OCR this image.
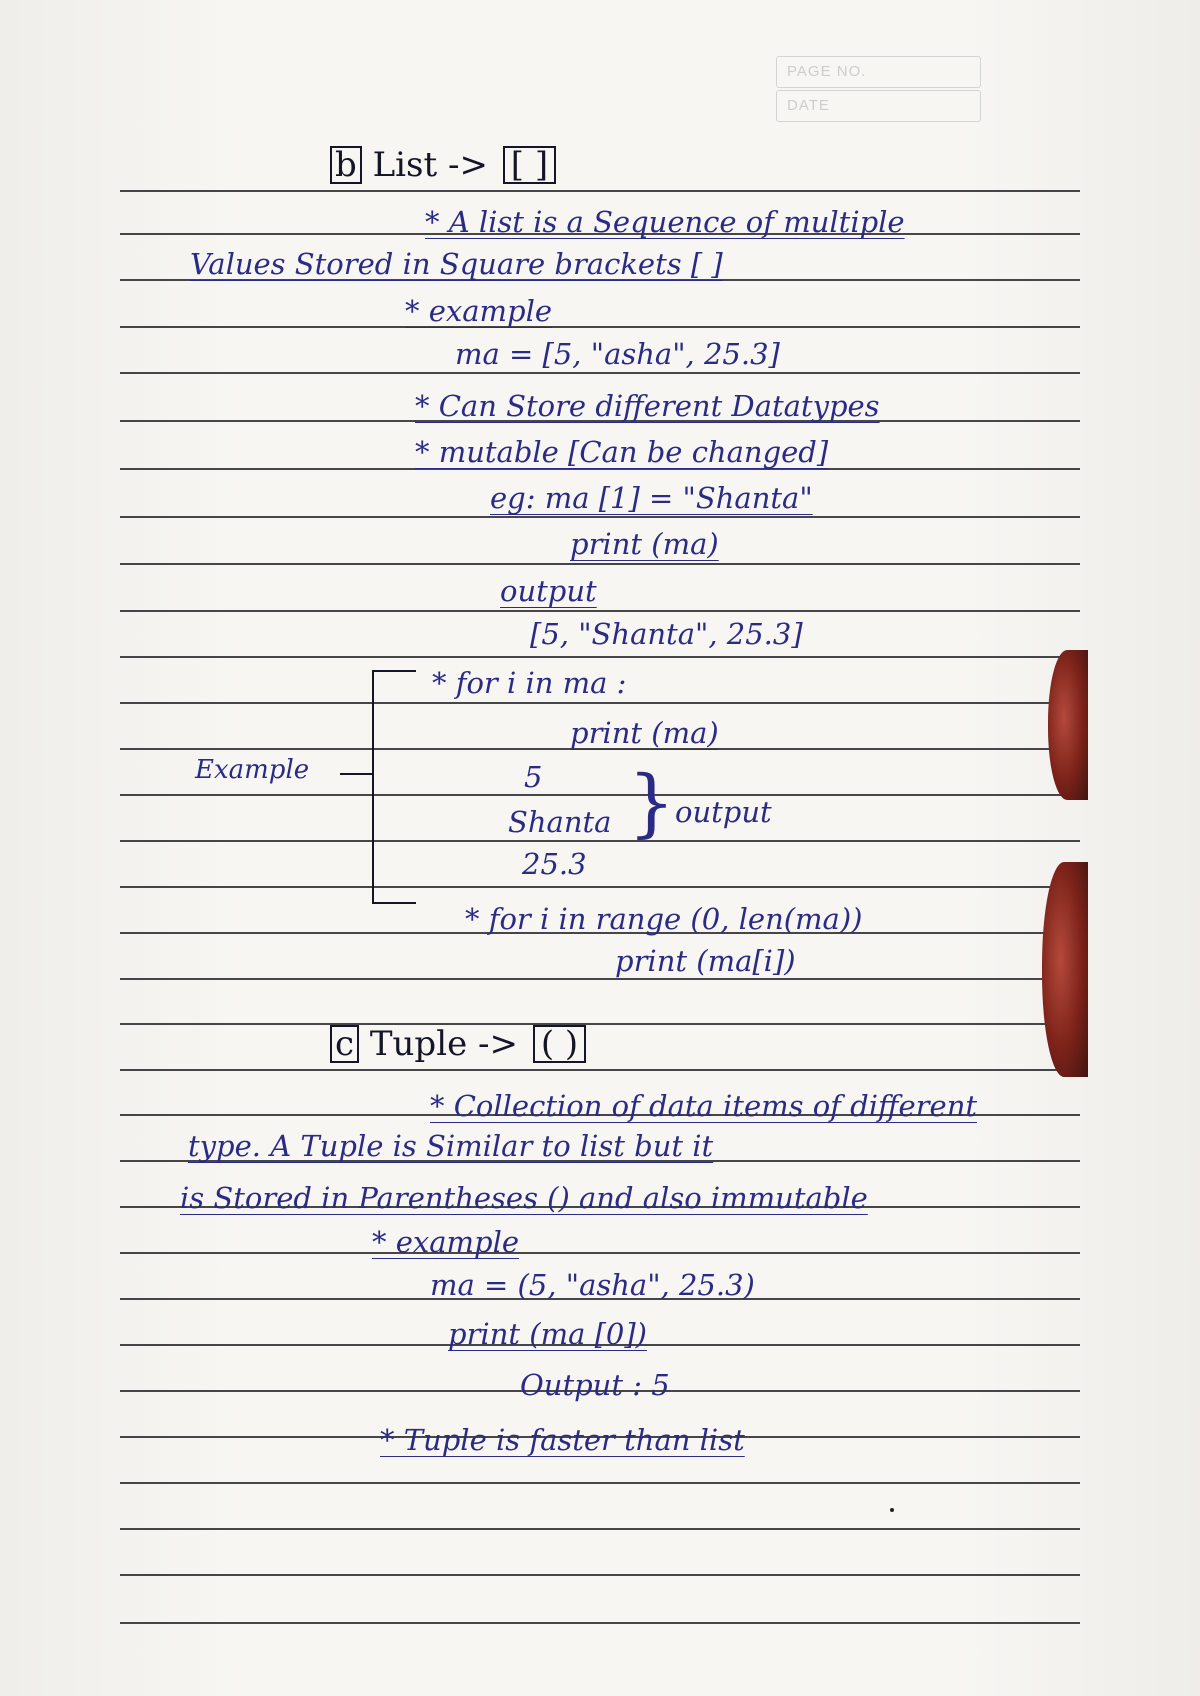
PAGE NO.
DATE
b List -> [ ]
* A list is a Sequence of multiple
Values Stored in Square brackets [ ]
* example
ma = [5, "asha", 25.3]
* Can Store different Datatypes
* mutable [Can be changed]
eg: ma [1] = "Shanta"
print (ma)
output
[5, "Shanta", 25.3]
Example
* for i in ma :
print (ma)
5
Shanta
25.3
} output
* for i in range (0, len(ma))
print (ma[i])
c Tuple -> ( )
* Collection of data items of different
type. A Tuple is Similar to list but it
is Stored in Parentheses () and also immutable
* example
ma = (5, "asha", 25.3)
print (ma [0])
Output : 5
* Tuple is faster than list
